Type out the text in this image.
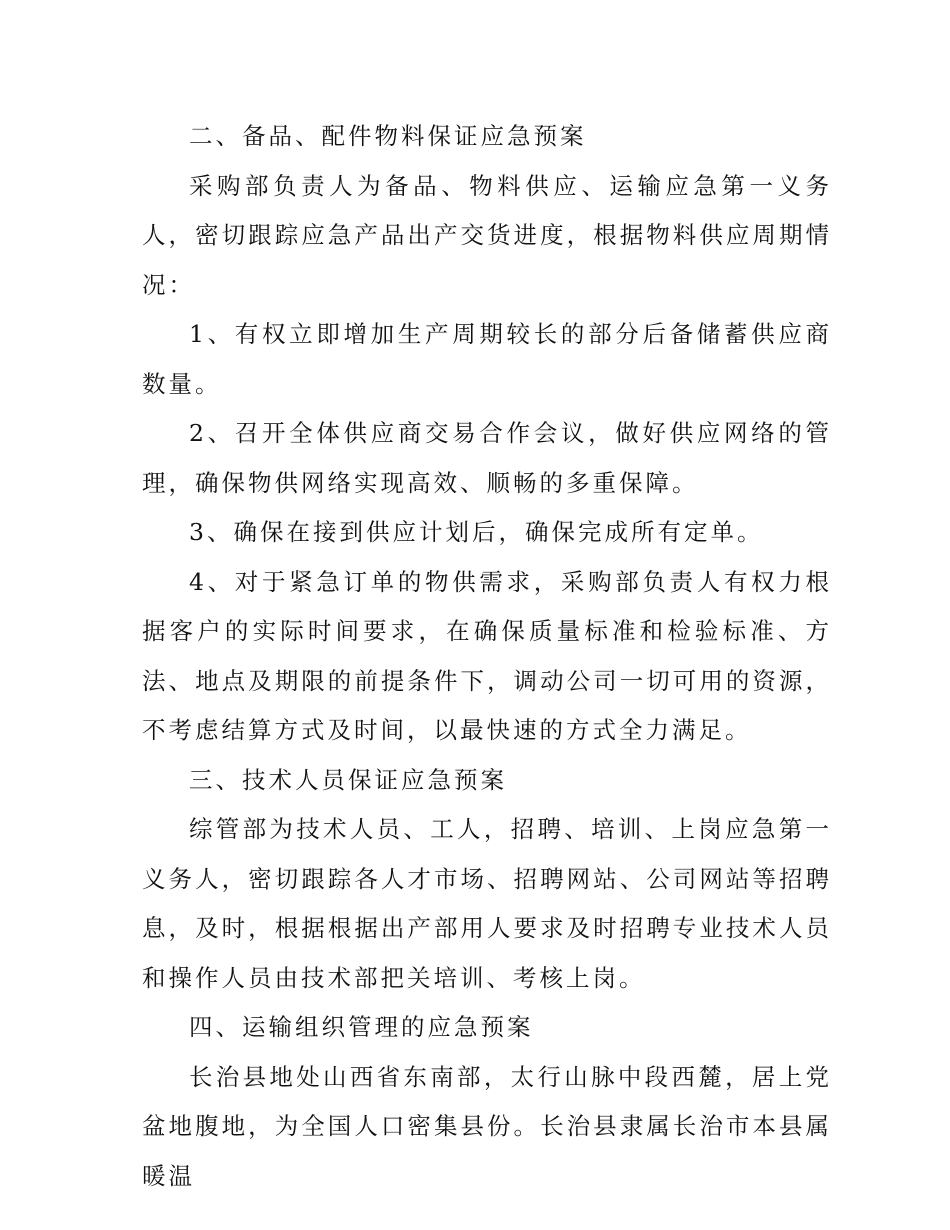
二、备品、配件物料保证应急预案

采购部负责人为备品、物料供应、运输应急第一义务人，密切跟踪应急产品出产交货进度，根据物料供应周期情况：

1、有权立即增加生产周期较长的部分后备储蓄供应商数量。

2、召开全体供应商交易合作会议，做好供应网络的管理，确保物供网络实现高效、顺畅的多重保障。

3、确保在接到供应计划后，确保完成所有定单。

4、对于紧急订单的物供需求，采购部负责人有权力根据客户的实际时间要求，在确保质量标准和检验标准、方法、地点及期限的前提条件下，调动公司一切可用的资源，不考虑结算方式及时间，以最快速的方式全力满足。

三、技术人员保证应急预案

综管部为技术人员、工人，招聘、培训、上岗应急第一义务人，密切跟踪各人才市场、招聘网站、公司网站等招聘息，及时，根据根据出产部用人要求及时招聘专业技术人员和操作人员由技术部把关培训、考核上岗。

四、运输组织管理的应急预案

长治县地处山西省东南部，太行山脉中段西麓，居上党盆地腹地，为全国人口密集县份。长治县隶属长治市本县属暖温
